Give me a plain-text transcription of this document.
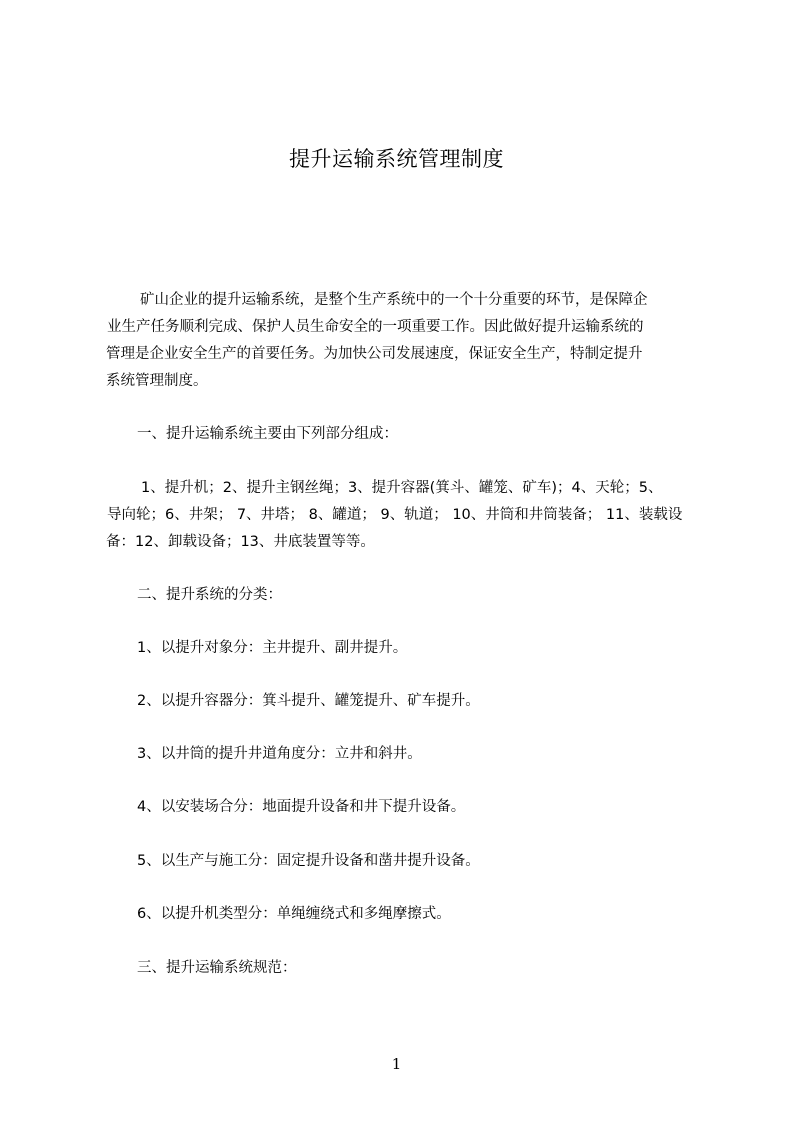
提升运输系统管理制度
矿山企业的提升运输系统，是整个生产系统中的一个十分重要的环节，是保障企
业生产任务顺利完成、保护人员生命安全的一项重要工作。因此做好提升运输系统的
管理是企业安全生产的首要任务。为加快公司发展速度，保证安全生产，特制定提升
系统管理制度。
一、提升运输系统主要由下列部分组成：
1、提升机；2、提升主钢丝绳；3、提升容器(箕斗、罐笼、矿车)；4、天轮；5、
导向轮；6、井架； 7、井塔； 8、罐道； 9、轨道； 10、井筒和井筒装备； 11、装载设
备：12、卸载设备；13、井底装置等等。
二、提升系统的分类：
1、以提升对象分：主井提升、副井提升。
2、以提升容器分：箕斗提升、罐笼提升、矿车提升。
3、以井筒的提升井道角度分：立井和斜井。
4、以安装场合分：地面提升设备和井下提升设备。
5、以生产与施工分：固定提升设备和凿井提升设备。
6、以提升机类型分：单绳缠绕式和多绳摩擦式。
三、提升运输系统规范：
1
